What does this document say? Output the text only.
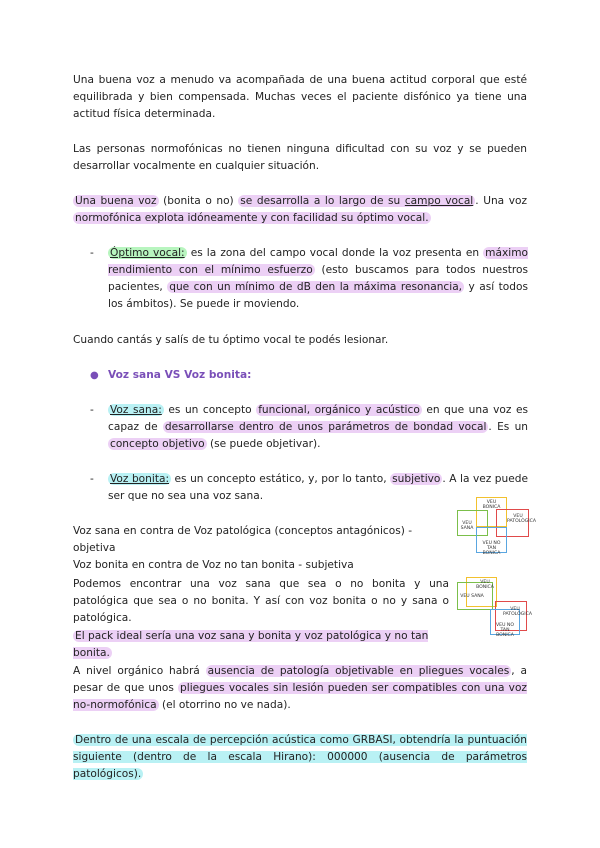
Una buena voz a menudo va acompañada de una buena actitud corporal que esté equilibrada y bien compensada. Muchas veces el paciente disfónico ya tiene una actitud física determinada.
Las personas normofónicas no tienen ninguna dificultad con su voz y se pueden desarrollar vocalmente en cualquier situación.
Una buena voz (bonita o no) se desarrolla a lo largo de su campo vocal . Una voz normofónica explota idóneamente y con facilidad su óptimo vocal.
- Óptimo vocal: es la zona del campo vocal donde la voz presenta en máximo rendimiento con el mínimo esfuerzo (esto buscamos para todos nuestros pacientes, que con un mínimo de dB den la máxima resonancia, y así todos los ámbitos). Se puede ir moviendo.
Cuando cantás y salís de tu óptimo vocal te podés lesionar.
● Voz sana VS Voz bonita:
- Voz sana: es un concepto funcional, orgánico y acústico en que una voz es capaz de desarrollarse dentro de unos parámetros de bondad vocal . Es un concepto objetivo (se puede objetivar).
- Voz bonita: es un concepto estático, y, por lo tanto, subjetivo . A la vez puede ser que no sea una voz sana.
Voz sana en contra de Voz patológica (conceptos antagónicos) - objetiva
Voz bonita en contra de Voz no tan bonita - subjetiva
VEU BONICA
VEU SANA
VEU PATOLÒGICA
VEU NO TAN BONICA
Podemos encontrar una voz sana que sea o no bonita y una patológica que sea o no bonita. Y así con voz bonita o no y sana o patológica.
VEU BONICA
VEU SANA
VEU PATOLÒGICA
VEU NO TAN BONICA
El pack ideal sería una voz sana y bonita y voz patológica y no tan bonita.
A nivel orgánico habrá ausencia de patología objetivable en pliegues vocales , a pesar de que unos pliegues vocales sin lesión pueden ser compatibles con una voz no-normofónica (el otorrino no ve nada).
Dentro de una escala de percepción acústica como GRBASI, obtendría la puntuación siguiente (dentro de la escala Hirano): 000000 (ausencia de parámetros patológicos).
